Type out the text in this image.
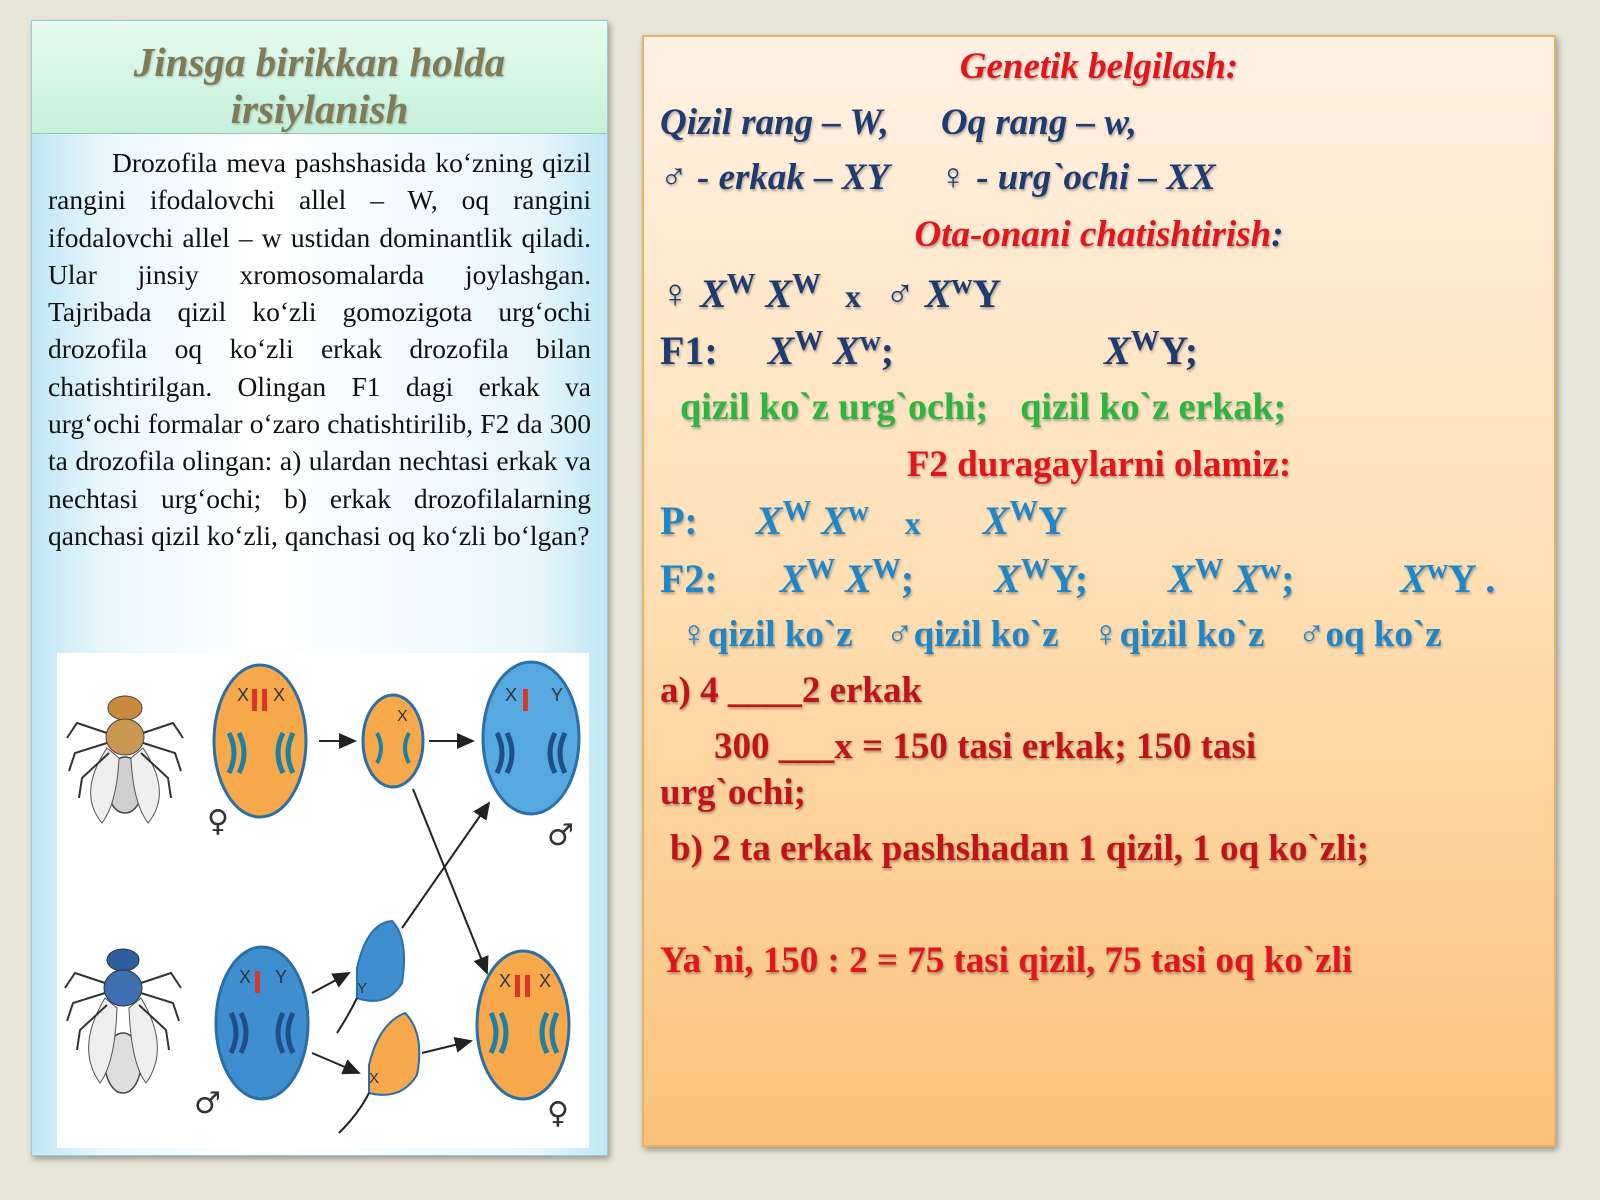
Jinsga birikkan holda
irsiylanish
Drozofila meva pashshasida ko‘zning qizil rangini ifodalovchi allel – W, oq rangini ifodalovchi allel – w ustidan dominantlik qiladi. Ular jinsiy xromosomalarda joylashgan. Tajribada qizil ko‘zli gomozigota urg‘ochi drozofila oq ko‘zli erkak drozofila bilan chatishtirilgan. Olingan F1 dagi erkak va urg‘ochi formalar o‘zaro chatishtirilib, F2 da 300 ta drozofila olingan: a) ulardan nechtasi erkak va nechtasi urg‘ochi; b) erkak drozofilalarning qanchasi qizil ko‘zli, qanchasi oq ko‘zli bo‘lgan?
X X
X
X Y
X Y
Y
X
X X
♀	♂
♂	♀
Genetik belgilash:
Qizil rang – W, Oq rang – w,
♂ - erkak – XY ♀ - urg`ochi – XX
Ota-onani chatishtirish:
♀ $X^W$ $X^W$ x ♂ $X^wY$
F1: $X^W$ $X^w$;	$X^WY$;
qizil ko`z urg`ochi; qizil ko`z erkak;
F2 duragaylarni olamiz:
P: $X^W$ $X^w$ x $X^WY$
F2: $X^W$ $X^W$; $X^WY$; $X^W$ $X^w$;	$X^wY$ .
♀qizil ko`z ♂qizil ko`z ♀qizil ko`z ♂oq ko`z
a) 4 ____2 erkak
300 ___x = 150 tasi erkak; 150 tasi
urg`ochi;
b) 2 ta erkak pashshadan 1 qizil, 1 oq ko`zli;
Ya`ni, 150 : 2 = 75 tasi qizil, 75 tasi oq ko`zli
